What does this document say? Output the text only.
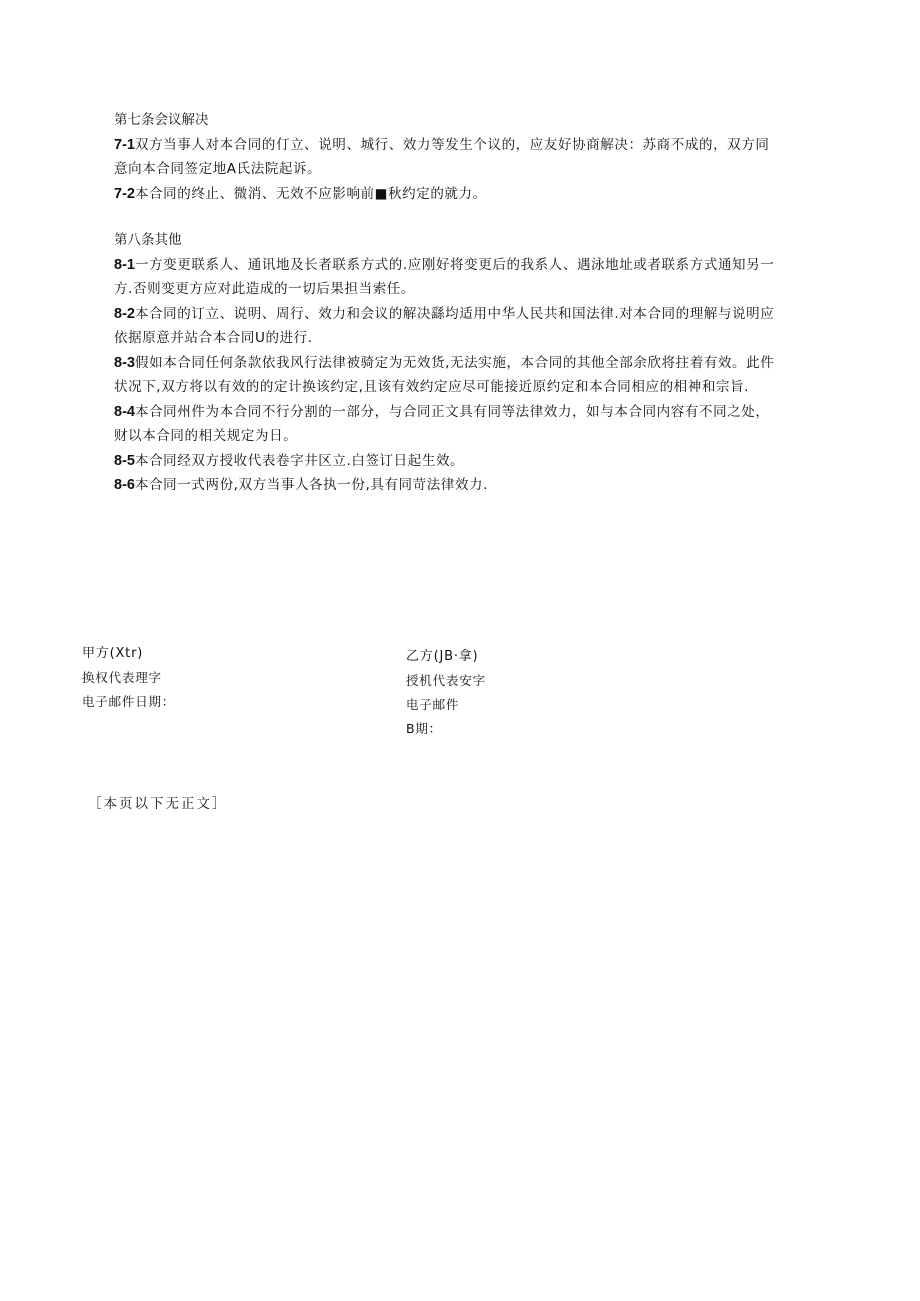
第七条会议解决
7-1双方当事人对本合同的仃立、说明、城行、效力等发生个议的，应友好协商解决：苏商不成的，双方同
意向本合同签定地A氏法院起诉。
7-2本合同的终止、微消、无效不应影响前■秋约定的就力。
第八条其他
8-1一方变更联系人、通讯地及长者联系方式的.应刚好将变更后的我系人、遇泳地址或者联系方式通知另一
方.否则变更方应对此造成的一切后果担当索任。
8-2本合同的订立、说明、周行、效力和会议的解决繇均适用中华人民共和国法律.对本合同的理解与说明应
依据原意并站合本合同U的进行.
8-3假如本合同任何条款依我风行法律被骑定为无效货,无法实施，本合同的其他全部余欣将拄着有效。此件
状况下,双方将以有效的的定计换该约定,且该有效约定应尽可能接近原约定和本合同相应的相神和宗旨.
8-4本合同州件为本合同不行分割的一部分，与合同正文具有同等法律效力，如与本合同内容有不同之处，
财以本合同的相关规定为日。
8-5本合同经双方授收代表卷字井区立.白签订日起生效。
8-6本合同一式两份,双方当事人各执一份,具有同苛法律效力.
甲方(Xtr)
换权代表理字
电子邮件日期：
乙方(JB·拿)
授机代表安字
电子邮件
B期：
［本页以下无正文］
